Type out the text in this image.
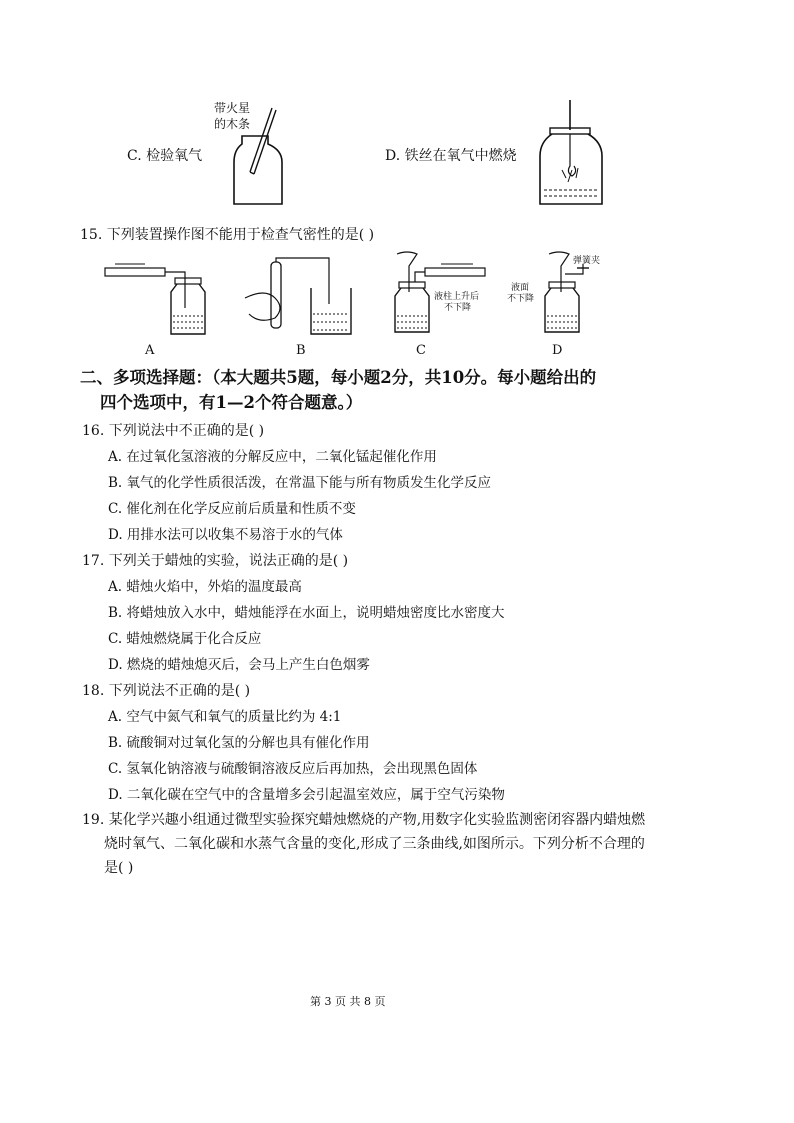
C. 检验氧气
带火星
的木条
D. 铁丝在氧气中燃烧
15. 下列装置操作图不能用于检查气密性的是( )
液柱上升后
不下降
弹簧夹
液面
不下降
A	B	C	D
二、多项选择题：（本大题共5题，每小题2分，共10分。每小题给出的
四个选项中，有1—2个符合题意。）
16. 下列说法中不正确的是( )
A. 在过氧化氢溶液的分解反应中，二氧化锰起催化作用
B. 氧气的化学性质很活泼，在常温下能与所有物质发生化学反应
C. 催化剂在化学反应前后质量和性质不变
D. 用排水法可以收集不易溶于水的气体
17. 下列关于蜡烛的实验，说法正确的是( )
A. 蜡烛火焰中，外焰的温度最高
B. 将蜡烛放入水中，蜡烛能浮在水面上，说明蜡烛密度比水密度大
C. 蜡烛燃烧属于化合反应
D. 燃烧的蜡烛熄灭后，会马上产生白色烟雾
18. 下列说法不正确的是( )
A. 空气中氮气和氧气的质量比约为 4:1
B. 硫酸铜对过氧化氢的分解也具有催化作用
C. 氢氧化钠溶液与硫酸铜溶液反应后再加热，会出现黑色固体
D. 二氧化碳在空气中的含量增多会引起温室效应，属于空气污染物
19. 某化学兴趣小组通过微型实验探究蜡烛燃烧的产物,用数字化实验监测密闭容器内蜡烛燃
烧时氧气、二氧化碳和水蒸气含量的变化,形成了三条曲线,如图所示。下列分析不合理的
是( )
第 3 页 共 8 页
